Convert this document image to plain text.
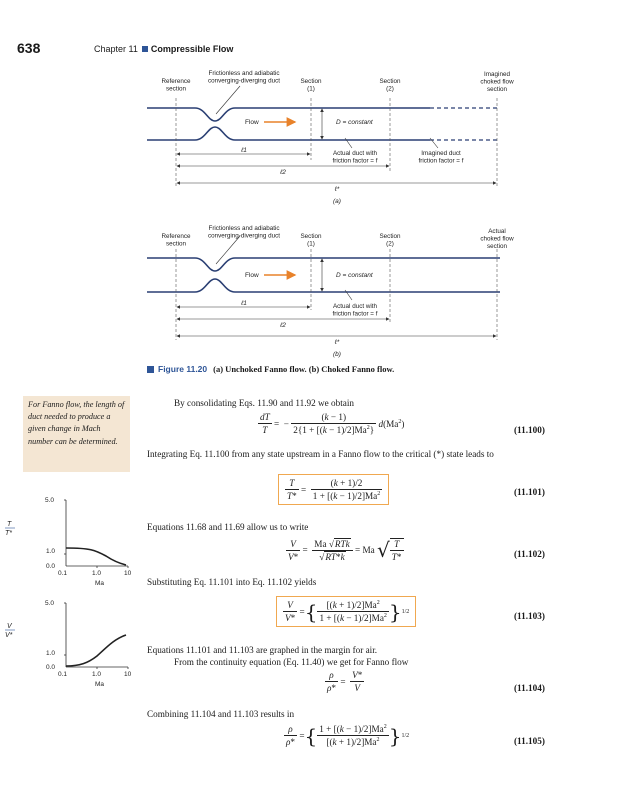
638	Chapter 11 Compressible Flow
D = constant
Flow
Frictionless and adiabatic converging-diverging duct
Reference section
Section (1)
Section (2)
Imagined choked flow section
Actual duct with friction factor = f
Imagined duct friction factor = f
ℓ1
ℓ2
ℓ*
(a)
D = constant
Flow
Frictionless and adiabatic converging-diverging duct
Reference section
Section (1)
Section (2)
Actual choked flow section
Actual duct with friction factor = f
ℓ1
ℓ2
ℓ*
(b)
Figure 11.20 (a) Unchoked Fanno flow. (b) Choked Fanno flow.
For Fanno flow, the length of duct needed to produce a given change in Mach number can be determined.
5.0
1.0
0.0
0.1	1.0	10
Ma
T
T*
5.0
1.0
0.0
0.1	1.0	10
Ma
V
V*
By consolidating Eqs. 11.90 and 11.92 we obtain
$\frac{dT}{T}$ =  − $\frac{(k - 1)}{2\{1 + [(k - 1)/2]Ma^2\}} d(Ma^2)$
(11.100)
Integrating Eq. 11.100 from any state upstream in a Fanno flow to the critical (*) state leads to
$\frac{T}{T*} = \frac{(k + 1)/2}{1 + [(k - 1)/2]Ma^2}$	(11.101)
Equations 11.68 and 11.69 allow us to write
$\frac{V}{V*} = \frac{\text{Ma √RTk}}{√RT*k} = Ma$ √ $\frac{T}{T*}$	(11.102)
Substituting Eq. 11.101 into Eq. 11.102 yields
$\frac{V}{V*}$ = { $\frac{[(k + 1)/2]Ma^2}{1 + [(k - 1)/2]Ma^2}$ } 1/2	(11.103)
Equations 11.101 and 11.103 are graphed in the margin for air.
From the continuity equation (Eq. 11.40) we get for Fanno flow
$\frac{\rho}{\rho*} = \frac{V*}{V}$	(11.104)
Combining 11.104 and 11.103 results in
$\frac{\rho}{\rho*}$ = { $\frac{1 + [(k - 1)/2]Ma^2}{[(k + 1)/2]Ma^2}$ } 1/2
(11.105)
